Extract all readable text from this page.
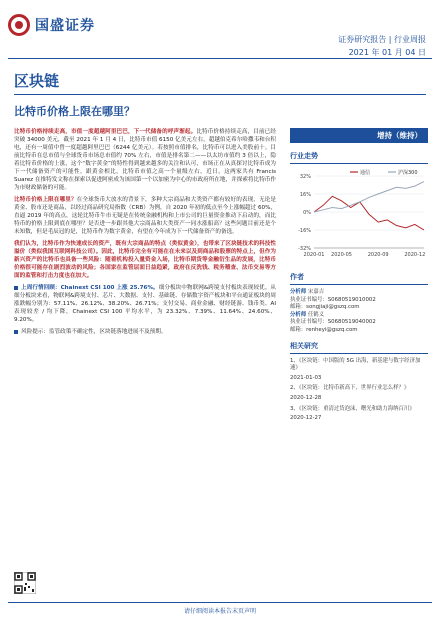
国盛证券
证券研究报告 | 行业周报
2021 年 01 月 04 日
区块链
比特币价格上限在哪里？

比特币价格持续走高，市值一度超越阿里巴巴，下一代储备的呼声渐起。比特币价格持续走高，目前已经突破 34000 美元，截至 2021 年 1 月 4 日，比特币市值 6150 亿美元左右，超越伯克希尔哈撒韦和台积电，还有一周值中曾一度超越阿里巴巴（6244 亿美元）。若按照市值排名，比特币可以进入美股前十。目前比特币在总市值与全球货币市场总市值约 70% 左右，市值是排名第二——以太坊市值约 3 倍以上，隐着比特币价格的上涨，这个“数字黄金”的特性得到越来越多的关注和认可，市场正在从真探讨比特币成为下一代储备资产的可能性。跟黄金相比，比特币市值之高一个量级左右，近日，这两家共有 Francis Suarez 在推特发文称在探索以促进阿密成为该国第一个以加密为中心的市政府所在地，并探索将比特币作为市财政储备的可能。

比特币价格上限在哪里？在全球货币大放水的背景下，多种大宗商品和大类资产都有较好的表现，无论是黄金、股市还是商品，以经过商品研究局指数（CRB）为例，自 2020 年初的低点至今上涨幅超过 60%，直逼 2019 年的高点，这轮比特币牛市无疑是在传统金融机构和上市公司的巨量资金推动下启动的，而比特币的价格上限到底在哪里？是否进一步跟其他大宗商品和大类资产一同水涨船高？这些问题目前还是个未知数，但是毛辰冠的是，比特币作为数字黄金，有望在今年成为下一代储备资产的备选。

我们认为，比特币作为快速成长的资产，既有大宗商品的特点（类似黄金），也带来了区块链技术的科技性溢价（类似我国互联网科技公司）。因此，比特币完全有可能在在未来以及到商品和股票的特点上，但作为新兴资产的比特币也具备一些风险：随着机构投入量资金入场，比特币期货等金融衍生品的发展，比特币价格很可能存在剧烈波动的风险；各国家在监管层面日益趋紧，政府在反洗钱、税务稽查、法币交易等方面的监管和打击力度也在加大。

上周行情回顾：Chainext CSI 100 上涨 25.76%。细分板块中物联网&跨境支付板块表现较优。从细分板块来看，物联网&跨境支付、芯片、大数据、支付、基础链、存储数字资产板块和平台通证板块的周涨跌幅分别为：57.11%、26.12%、38.20%、26.71%；支付交易、商业金融、财经链游、钱币类、AI 表现较差 / 均下降，Chainext CSI 100 平均水平，为 23.32%、7.39%、11.64%、24.60%、9.20%。

风险提示：监管政策不确定性，区块链落地进展不及预期。

增持（维持）
行业走势
32%
16%
0%
-16%
-32%
2020-01 2020-05	2020-09	2020-12
通信	沪深300
作者
分析师 宋嘉吉
执业证书编号：S0680519010002
邮箱：songjiaji@gszq.com
分析师 任鹤义
执业证书编号：S0680519040002
邮箱：renheyi@gszq.com
相关研究
1、《区块链：中国版的 5G 出海，新基建与数字经济加速》
2021-01-03
2、《区块链：比特币新高下，世界行业怎么样？》
2020-12-28
3、《区块链：重清过货泡沫，曙光和助力海纳百川》
2020-12-27
请仔细阅读本报告末页声明
